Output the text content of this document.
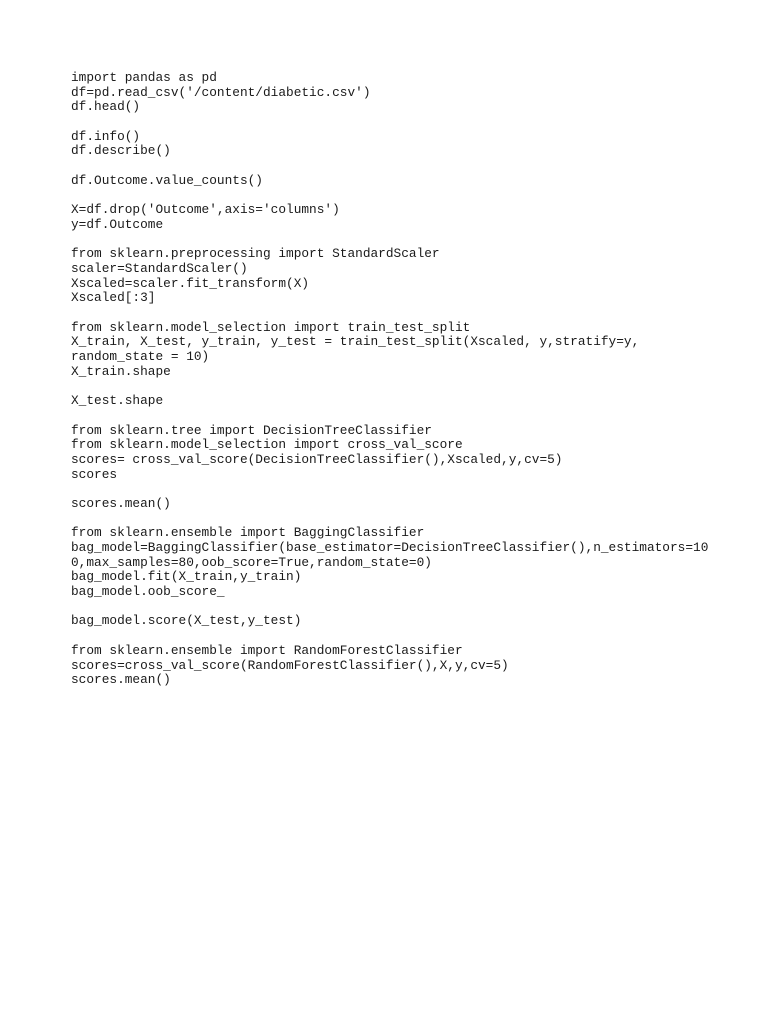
import pandas as pd
df=pd.read_csv('/content/diabetic.csv')
df.head()
df.info()
df.describe()
df.Outcome.value_counts()
X=df.drop('Outcome',axis='columns')
y=df.Outcome
from sklearn.preprocessing import StandardScaler
scaler=StandardScaler()
Xscaled=scaler.fit_transform(X)
Xscaled[:3]
from sklearn.model_selection import train_test_split
X_train, X_test, y_train, y_test = train_test_split(Xscaled, y,stratify=y,
random_state = 10)
X_train.shape
X_test.shape
from sklearn.tree import DecisionTreeClassifier
from sklearn.model_selection import cross_val_score
scores= cross_val_score(DecisionTreeClassifier(),Xscaled,y,cv=5)
scores
scores.mean()
from sklearn.ensemble import BaggingClassifier
bag_model=BaggingClassifier(base_estimator=DecisionTreeClassifier(),n_estimators=10
0,max_samples=80,oob_score=True,random_state=0)
bag_model.fit(X_train,y_train)
bag_model.oob_score_
bag_model.score(X_test,y_test)
from sklearn.ensemble import RandomForestClassifier
scores=cross_val_score(RandomForestClassifier(),X,y,cv=5)
scores.mean()
